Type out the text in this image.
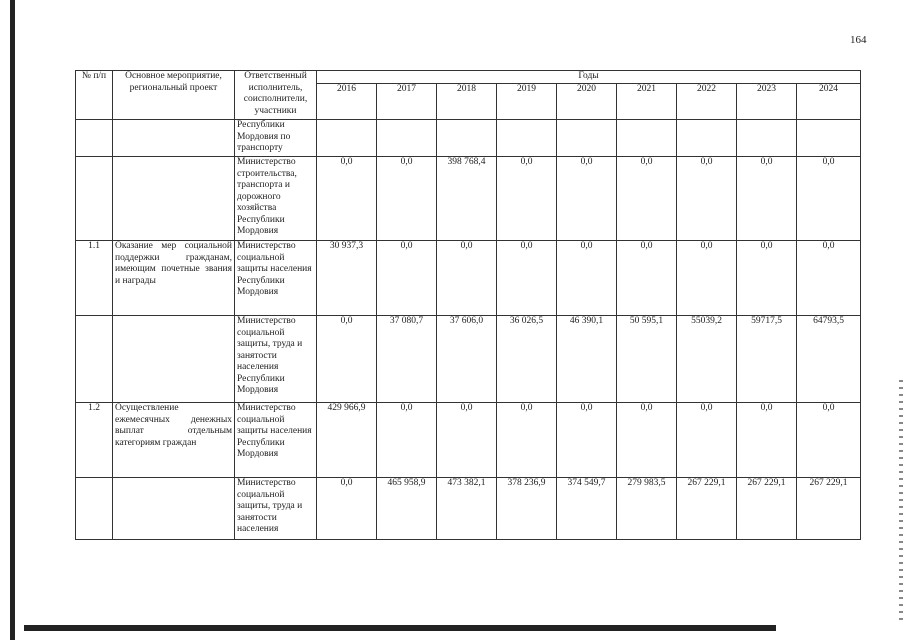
164
№ п/п	Основное мероприятие, региональный проект	Ответственный исполнитель, соисполнители, участники	Годы								
			2016	2017	2018	2019	2020	2021	2022	2023	2024
		Республики Мордовия по транспорту									
		Министерство строительства, транспорта и дорожного хозяйства Республики Мордовия	0,0	0,0	398 768,4	0,0	0,0	0,0	0,0	0,0	0,0
1.1	Оказание мер социальной поддержки гражданам, имеющим почетные звания и награды	Министерство социальной защиты населения Республики Мордовия	30 937,3	0,0	0,0	0,0	0,0	0,0	0,0	0,0	0,0
		Министерство социальной защиты, труда и занятости населения Республики Мордовия	0,0	37 080,7	37 606,0	36 026,5	46 390,1	50 595,1	55039,2	59717,5	64793,5
1.2	Осуществление ежемесячных денежных выплат отдельным категориям граждан	Министерство социальной защиты населения Республики Мордовия	429 966,9	0,0	0,0	0,0	0,0	0,0	0,0	0,0	0,0
		Министерство социальной защиты, труда и занятости населения	0,0	465 958,9	473 382,1	378 236,9	374 549,7	279 983,5	267 229,1	267 229,1	267 229,1
